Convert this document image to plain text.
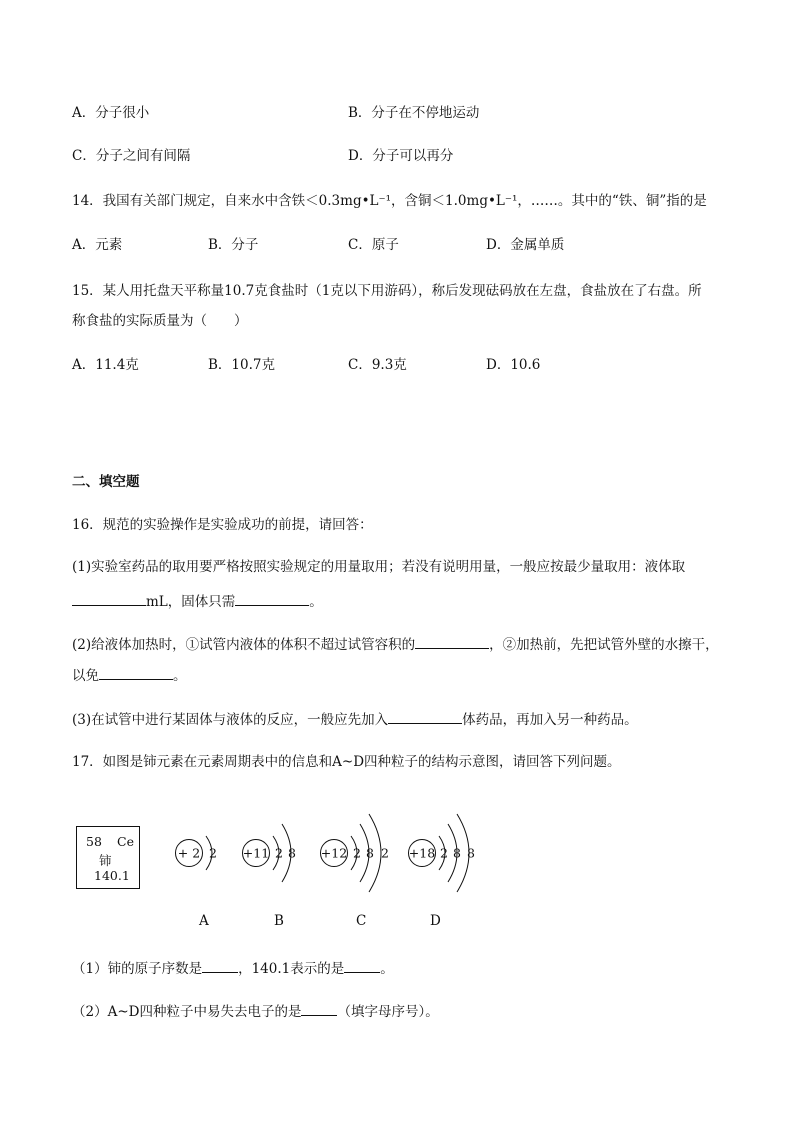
A．分子很小	B．分子在不停地运动
C．分子之间有间隔	D．分子可以再分
14．我国有关部门规定，自来水中含铁＜0.3mg•L⁻¹，含铜＜1.0mg•L⁻¹，……。其中的“铁、铜”指的是
A．元素	B．分子	C．原子	D．金属单质
15．某人用托盘天平称量10.7克食盐时（1克以下用游码），称后发现砝码放在左盘，食盐放在了右盘。所
称食盐的实际质量为（　　）
A．11.4克	B．10.7克	C．9.3克	D．10.6
二、填空题
16．规范的实验操作是实验成功的前提，请回答：
(1)实验室药品的取用要严格按照实验规定的用量取用；若没有说明用量，一般应按最少量取用：液体取
mL，固体只需	。
(2)给液体加热时，①试管内液体的体积不超过试管容积的	，②加热前，先把试管外壁的水擦干，
以免	。
(3)在试管中进行某固体与液体的反应，一般应先加入	体药品，再加入另一种药品。
17．如图是铈元素在元素周期表中的信息和A~D四种粒子的结构示意图，请回答下列问题。
58 Ce
铈
140.1
+ 2 2 +11 2 8 +12 2 8 2 +18 2 8 8
A	B	C	D
（1）铈的原子序数是	，140.1表示的是	。
（2）A~D四种粒子中易失去电子的是	（填字母序号）。
